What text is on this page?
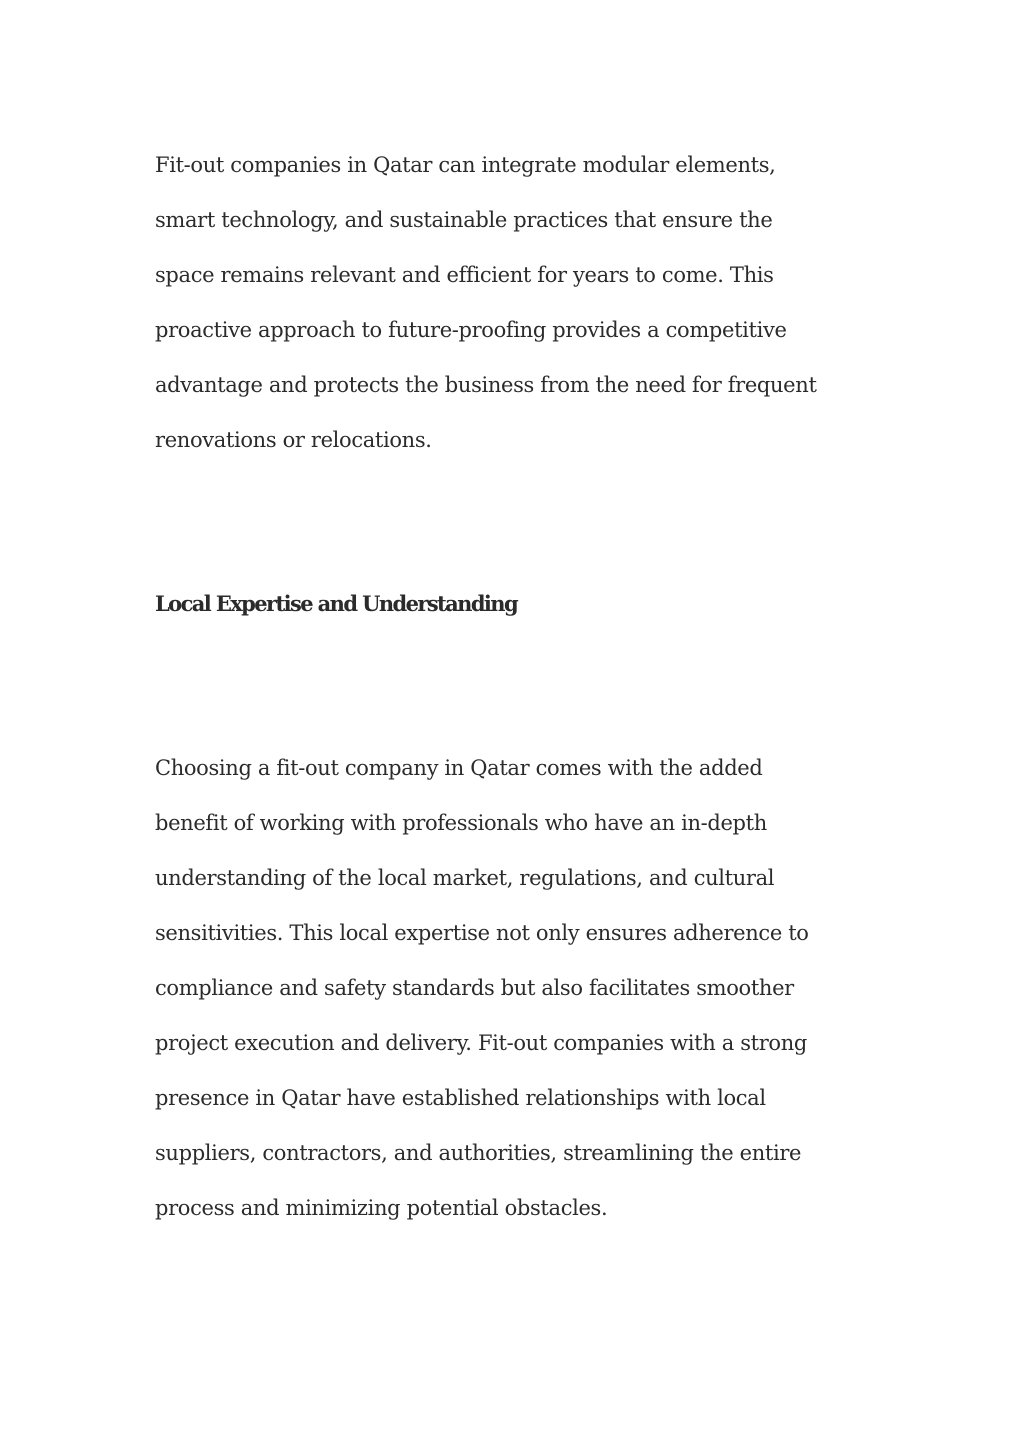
Fit-out companies in Qatar can integrate modular elements,

smart technology, and sustainable practices that ensure the

space remains relevant and efficient for years to come. This

proactive approach to future-proofing provides a competitive

advantage and protects the business from the need for frequent

renovations or relocations.

Local Expertise and Understanding

Choosing a fit-out company in Qatar comes with the added

benefit of working with professionals who have an in-depth

understanding of the local market, regulations, and cultural

sensitivities. This local expertise not only ensures adherence to

compliance and safety standards but also facilitates smoother

project execution and delivery. Fit-out companies with a strong

presence in Qatar have established relationships with local

suppliers, contractors, and authorities, streamlining the entire

process and minimizing potential obstacles.
